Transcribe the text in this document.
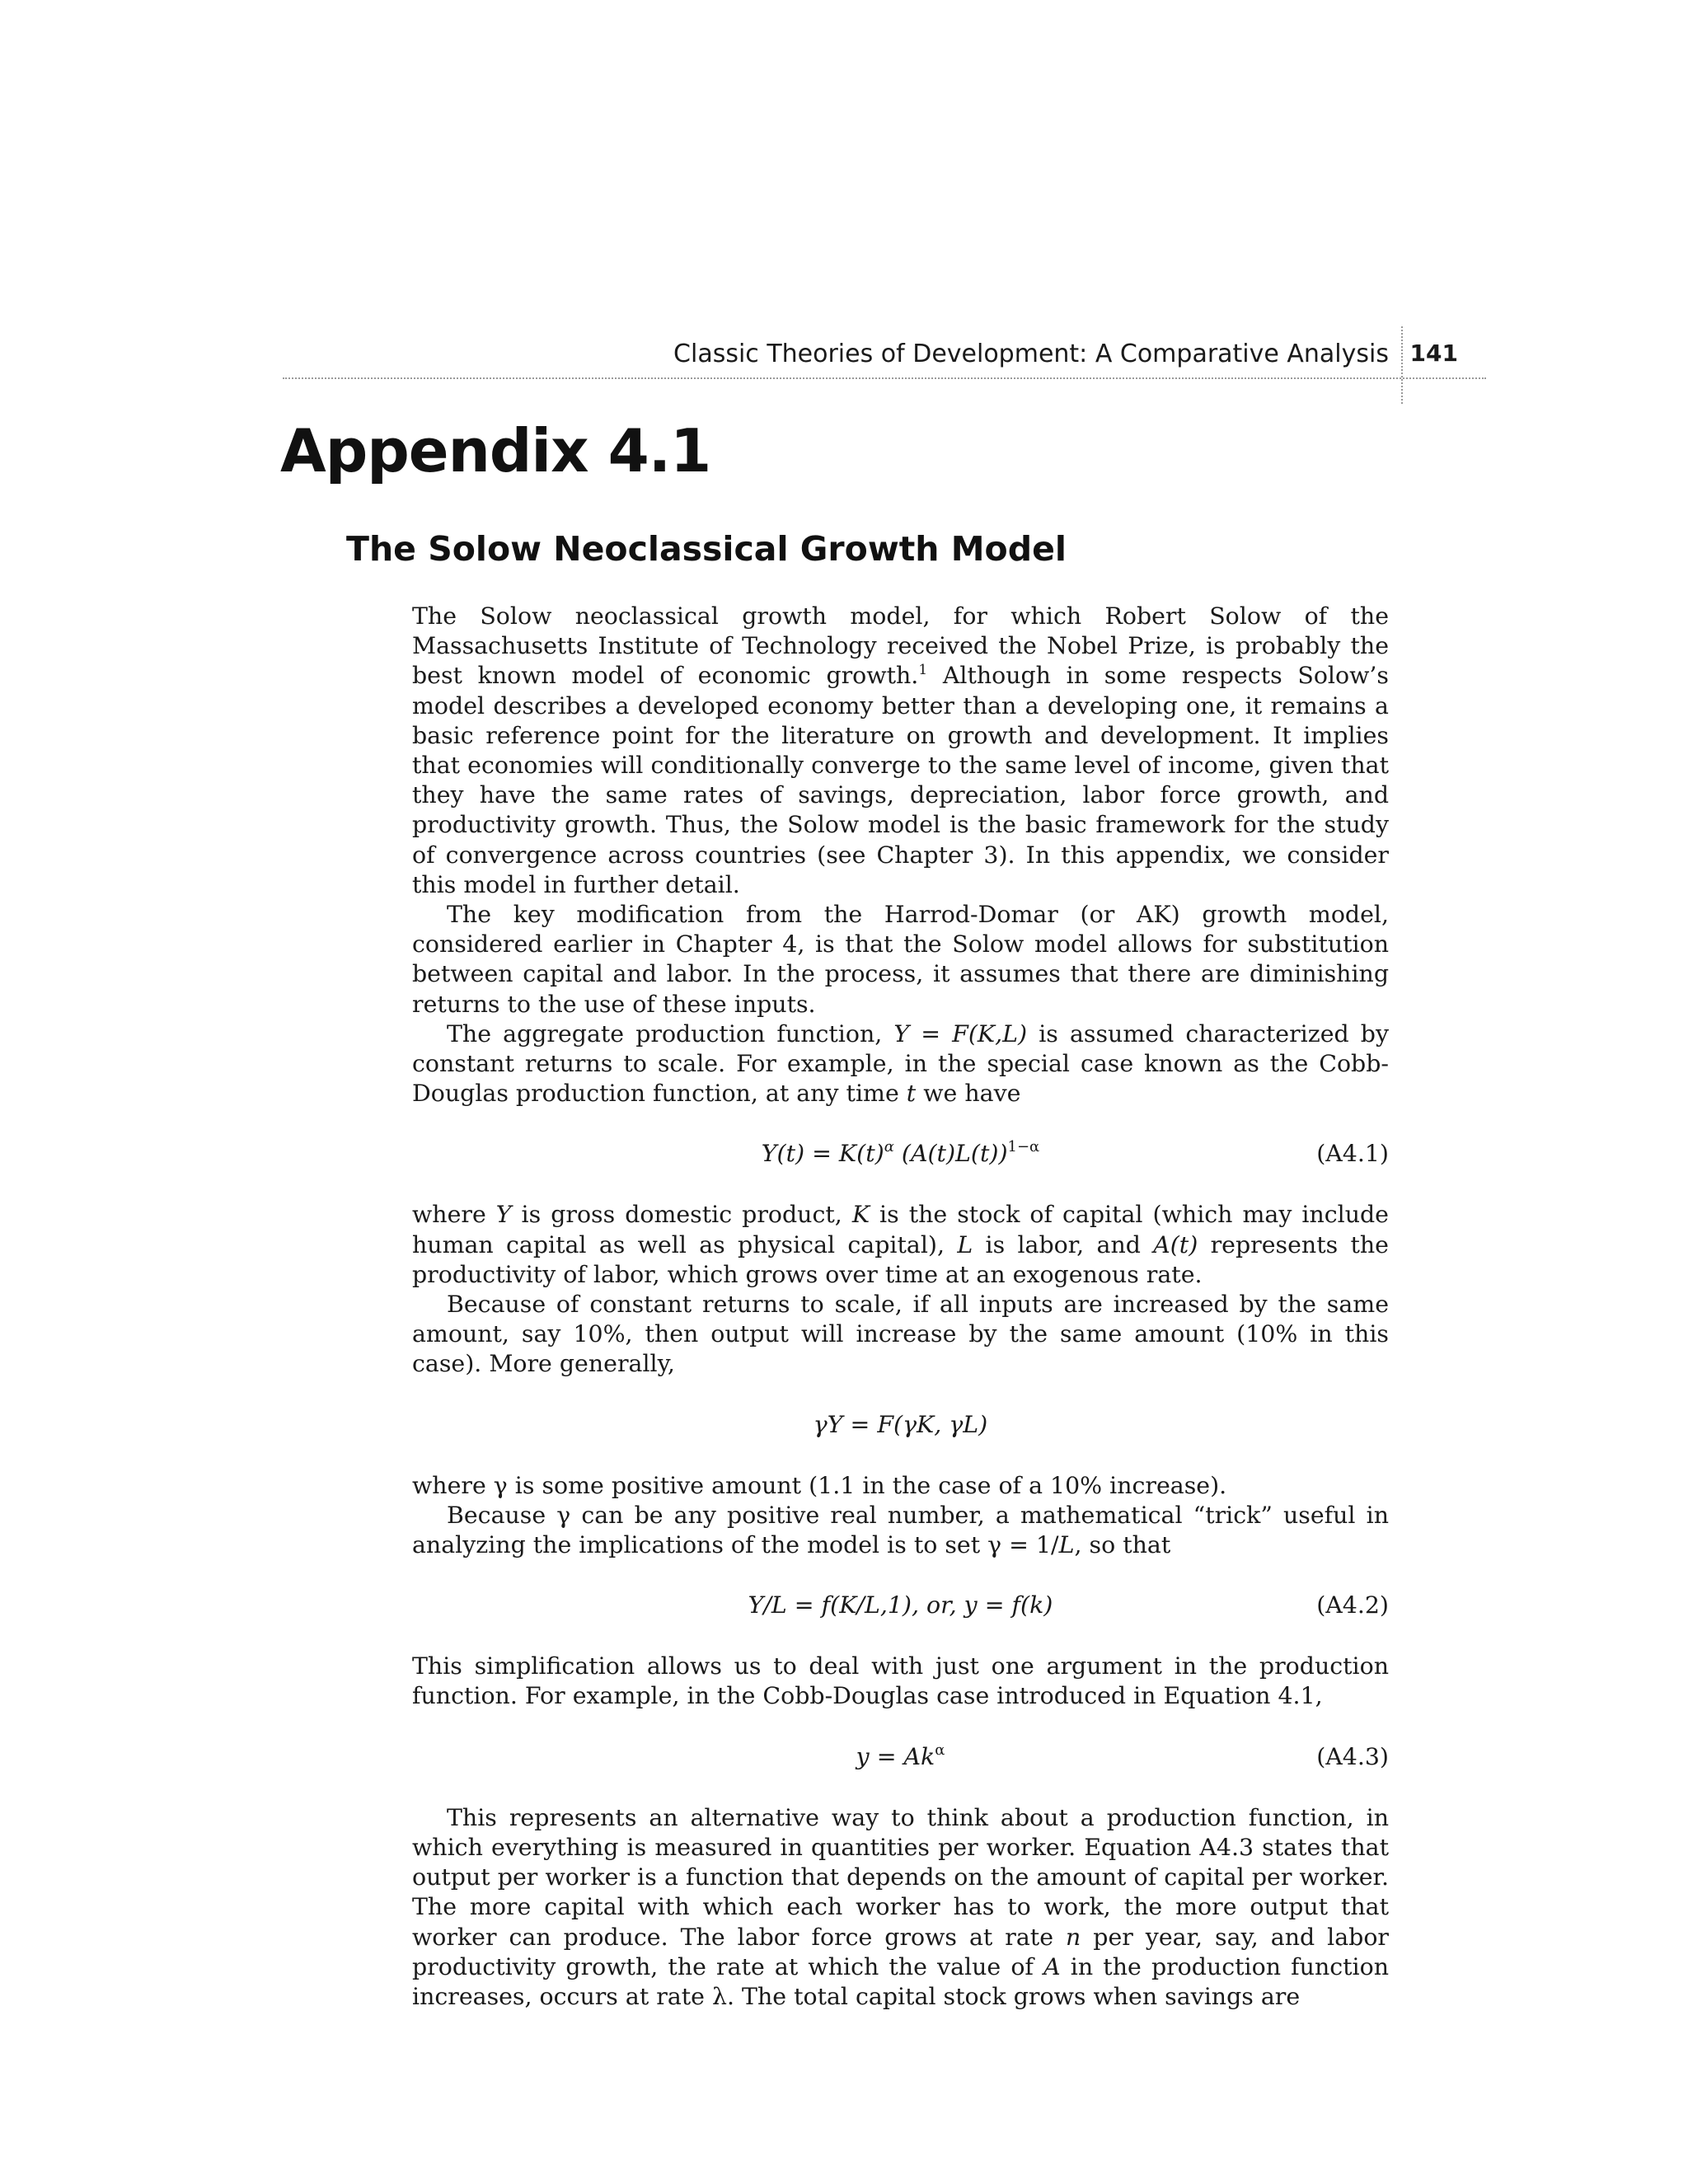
Classic Theories of Development: A Comparative Analysis 141
Appendix 4.1
The Solow Neoclassical Growth Model

The Solow neoclassical growth model, for which Robert Solow of the Massachusetts Institute of Technology received the Nobel Prize, is probably the best known model of economic growth.$^1$ Although in some respects Solow’s model describes a developed economy better than a developing one, it remains a basic reference point for the literature on growth and development. It implies that economies will conditionally converge to the same level of income, given that they have the same rates of savings, depreciation, labor force growth, and productivity growth. Thus, the Solow model is the basic framework for the study of convergence across countries (see Chapter 3). In this appendix, we consider this model in further detail.

The key modification from the Harrod-Domar (or AK) growth model, considered earlier in Chapter 4, is that the Solow model allows for substitution between capital and labor. In the process, it assumes that there are diminishing returns to the use of these inputs.

The aggregate production function, Y = F(K,L) is assumed characterized by constant returns to scale. For example, in the special case known as the Cobb-Douglas production function, at any time t we have

$Y(t) = K(t)^\alpha$ $(A(t)L(t))^{1-\alpha}$	(A4.1)

where Y is gross domestic product, K is the stock of capital (which may include human capital as well as physical capital), L is labor, and A(t) represents the productivity of labor, which grows over time at an exogenous rate.

Because of constant returns to scale, if all inputs are increased by the same amount, say 10%, then output will increase by the same amount (10% in this case). More generally,

γY = F(γK, γL)

where γ is some positive amount (1.1 in the case of a 10% increase).

Because γ can be any positive real number, a mathematical “trick” useful in analyzing the implications of the model is to set γ = 1/L, so that

Y/L = f(K/L,1), or, y = f(k)	(A4.2)

This simplification allows us to deal with just one argument in the production function. For example, in the Cobb-Douglas case introduced in Equation 4.1,

$y = Ak^\alpha$	(A4.3)

This represents an alternative way to think about a production function, in which everything is measured in quantities per worker. Equation A4.3 states that output per worker is a function that depends on the amount of capital per worker. The more capital with which each worker has to work, the more output that worker can produce. The labor force grows at rate n per year, say, and labor productivity growth, the rate at which the value of A in the production function increases, occurs at rate λ. The total capital stock grows when savings are
